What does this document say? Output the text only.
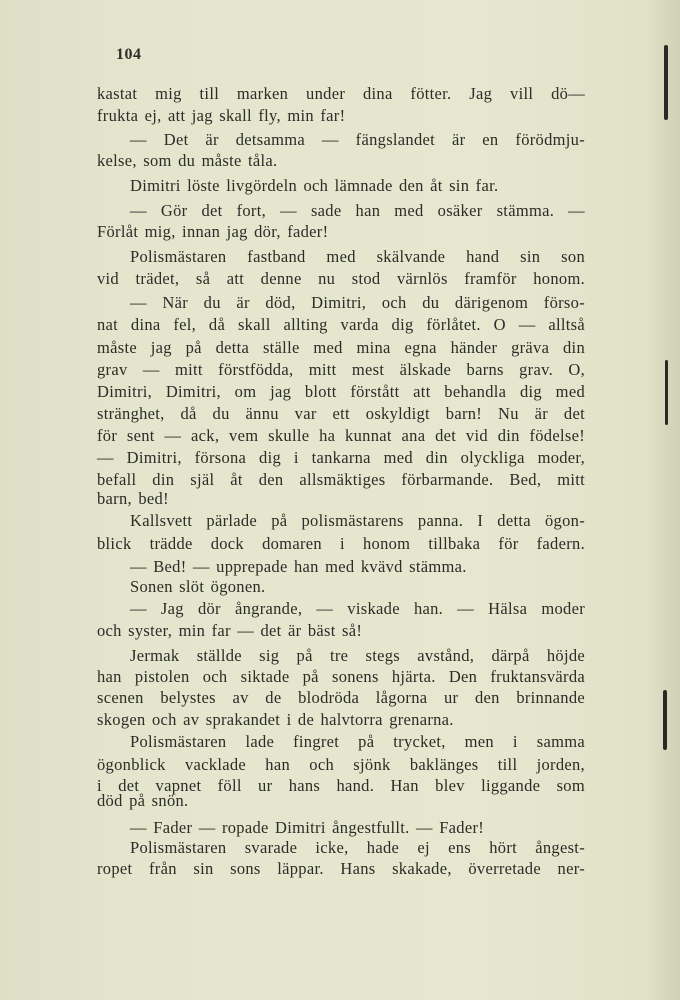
104
kastat mig till marken under dina fötter. Jag vill dö—
frukta ej, att jag skall fly, min far!
— Det är detsamma — fängslandet är en förödmju-
kelse, som du måste tåla.
Dimitri löste livgördeln och lämnade den åt sin far.
— Gör det fort, — sade han med osäker stämma. —
Förlåt mig, innan jag dör, fader!
Polismästaren fastband med skälvande hand sin son
vid trädet, så att denne nu stod värnlös framför honom.
— När du är död, Dimitri, och du därigenom förso-
nat dina fel, då skall allting varda dig förlåtet. O — alltså
måste jag på detta ställe med mina egna händer gräva din
grav — mitt förstfödda, mitt mest älskade barns grav. O,
Dimitri, Dimitri, om jag blott förstått att behandla dig med
stränghet, då du ännu var ett oskyldigt barn! Nu är det
för sent — ack, vem skulle ha kunnat ana det vid din födelse!
— Dimitri, försona dig i tankarna med din olyckliga moder,
befall din själ åt den allsmäktiges förbarmande. Bed, mitt
barn, bed!
Kallsvett pärlade på polismästarens panna. I detta ögon-
blick trädde dock domaren i honom tillbaka för fadern.
— Bed! — upprepade han med kvävd stämma.
Sonen slöt ögonen.
— Jag dör ångrande, — viskade han. — Hälsa moder
och syster, min far — det är bäst så!
Jermak ställde sig på tre stegs avstånd, därpå höjde
han pistolen och siktade på sonens hjärta. Den fruktansvärda
scenen belystes av de blodröda lågorna ur den brinnande
skogen och av sprakandet i de halvtorra grenarna.
Polismästaren lade fingret på trycket, men i samma
ögonblick vacklade han och sjönk baklänges till jorden,
i det vapnet föll ur hans hand. Han blev liggande som
död på snön.
— Fader — ropade Dimitri ångestfullt. — Fader!
Polismästaren svarade icke, hade ej ens hört ångest-
ropet från sin sons läppar. Hans skakade, överretade ner-
